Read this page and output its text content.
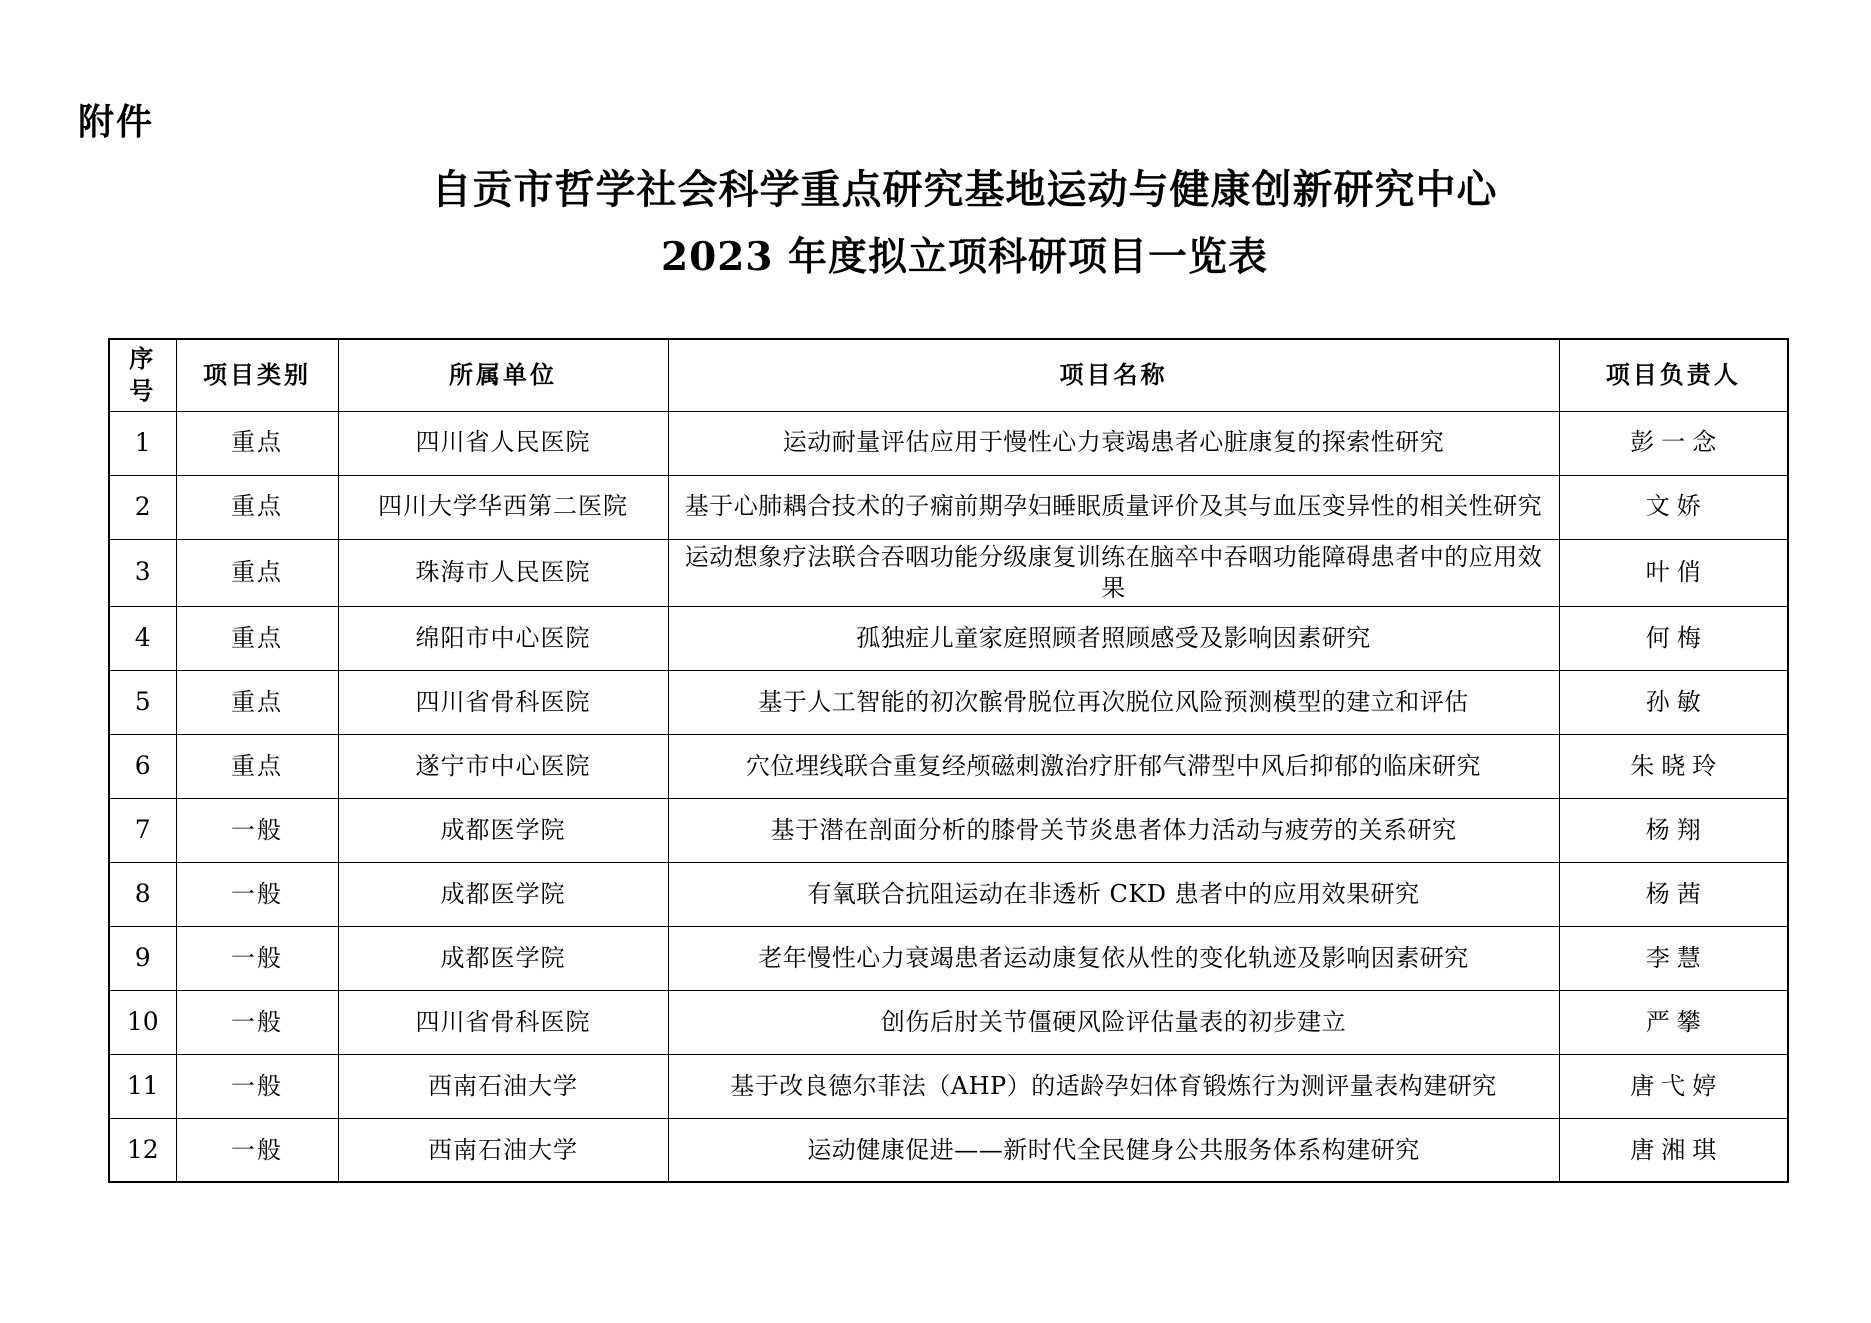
附件
自贡市哲学社会科学重点研究基地运动与健康创新研究中心
2023 年度拟立项科研项目一览表
序号	项目类别	所属单位	项目名称	项目负责人
1	重点	四川省人民医院	运动耐量评估应用于慢性心力衰竭患者心脏康复的探索性研究	彭一念
2	重点	四川大学华西第二医院	基于心肺耦合技术的子痫前期孕妇睡眠质量评价及其与血压变异性的相关性研究	文娇
3	重点	珠海市人民医院	运动想象疗法联合吞咽功能分级康复训练在脑卒中吞咽功能障碍患者中的应用效果	叶俏
4	重点	绵阳市中心医院	孤独症儿童家庭照顾者照顾感受及影响因素研究	何梅
5	重点	四川省骨科医院	基于人工智能的初次髌骨脱位再次脱位风险预测模型的建立和评估	孙敏
6	重点	遂宁市中心医院	穴位埋线联合重复经颅磁刺激治疗肝郁气滞型中风后抑郁的临床研究	朱晓玲
7	一般	成都医学院	基于潜在剖面分析的膝骨关节炎患者体力活动与疲劳的关系研究	杨翔
8	一般	成都医学院	有氧联合抗阻运动在非透析 CKD 患者中的应用效果研究	杨茜
9	一般	成都医学院	老年慢性心力衰竭患者运动康复依从性的变化轨迹及影响因素研究	李慧
10	一般	四川省骨科医院	创伤后肘关节僵硬风险评估量表的初步建立	严攀
11	一般	西南石油大学	基于改良德尔菲法（AHP）的适龄孕妇体育锻炼行为测评量表构建研究	唐弋婷
12	一般	西南石油大学	运动健康促进——新时代全民健身公共服务体系构建研究	唐湘琪
